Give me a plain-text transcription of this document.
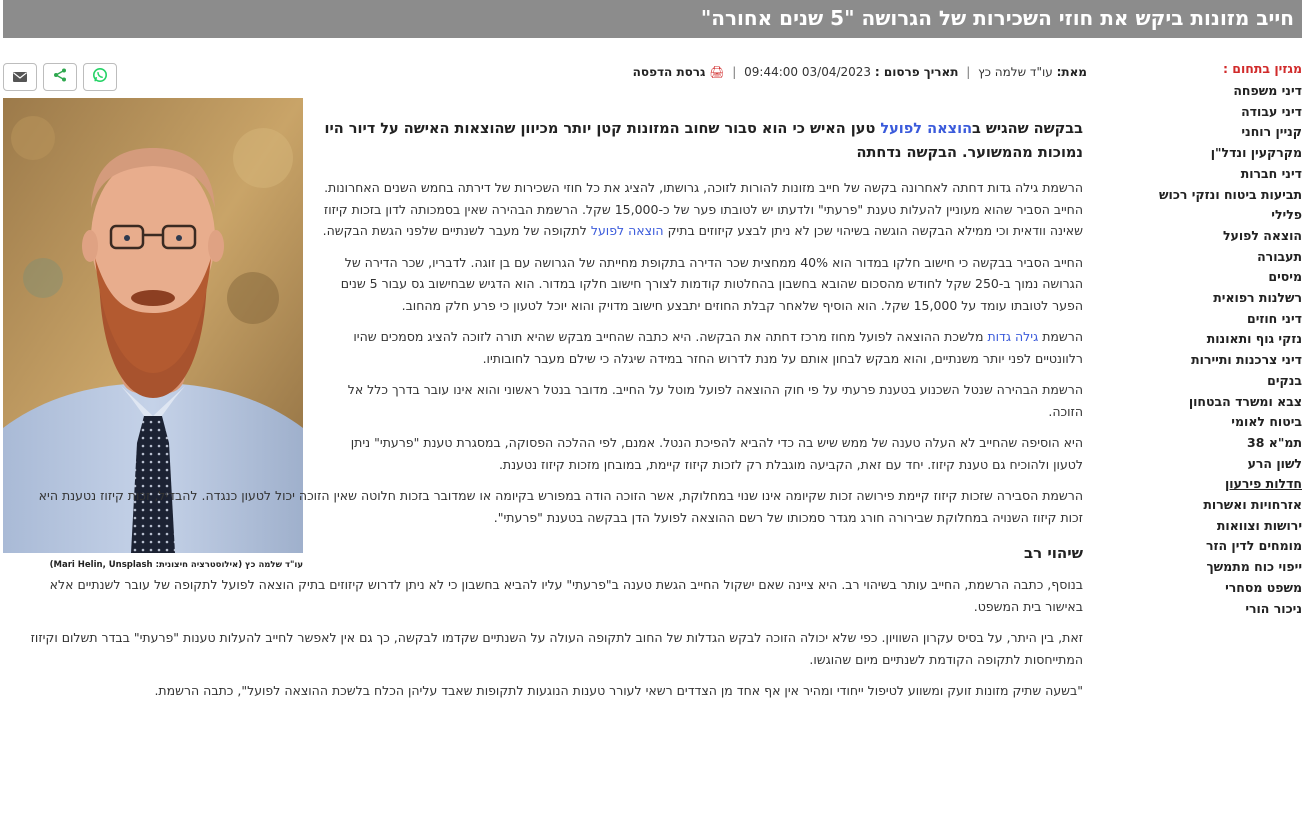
חייב מזונות ביקש את חוזי השכירות של הגרושה "5 שנים אחורה"
מאת: עו"ד שלמה כץ | תאריך פרסום : 03/04/2023 09:44:00 | 🖨 גרסת הדפסה
עו"ד שלמה כץ (אילוסטרציה חיצונית: Mari Helin, Unsplash)
מגזין בתחום :
דיני משפחה
דיני עבודה
קניין רוחני
מקרקעין ונדל"ן
דיני חברות
תביעות ביטוח ונזקי רכוש
פלילי
הוצאה לפועל
תעבורה
מיסים
רשלנות רפואית
דיני חוזים
נזקי גוף ותאונות
דיני צרכנות ותיירות
בנקים
צבא ומשרד הבטחון
ביטוח לאומי
תמ"א 38
לשון הרע
חדלות פירעון
אזרחויות ואשרות
ירושות וצוואות
מומחים לדין הזר
ייפוי כוח מתמשך
משפט מסחרי
ניכור הורי

בבקשה שהגיש בהוצאה לפועל טען האיש כי הוא סבור שחוב המזונות קטן יותר מכיוון שהוצאות האישה על דיור היו נמוכות מהמשוער. הבקשה נדחתה

הרשמת גילה גדות דחתה לאחרונה בקשה של חייב מזונות להורות לזוכה, גרושתו, להציג את כל חוזי השכירות של דירתה בחמש השנים האחרונות. החייב הסביר שהוא מעוניין להעלות טענת "פרעתי" ולדעתו יש לטובתו פער של כ-15,000 שקל. הרשמת הבהירה שאין בסמכותה לדון בזכות קיזוז שאינה וודאית וכי ממילא הבקשה הוגשה בשיהוי שכן לא ניתן לבצע קיזוזים בתיק הוצאה לפועל לתקופה של מעבר לשנתיים שלפני הגשת הבקשה.

החייב הסביר בבקשה כי חישוב חלקו במדור הוא 40% ממחצית שכר הדירה בתקופת מחייתה של הגרושה עם בן זוגה. לדבריו, שכר הדירה של הגרושה נמוך ב-250 שקל לחודש מהסכום שהובא בחשבון בהחלטות קודמות לצורך חישוב חלקו במדור. הוא הדגיש שבחישוב גס עבור 5 שנים הפער לטובתו עומד על 15,000 שקל. הוא הוסיף שלאחר קבלת החוזים יתבצע חישוב מדויק והוא יוכל לטעון כי פרע חלק מהחוב.

הרשמת גילה גדות מלשכת ההוצאה לפועל מחוז מרכז דחתה את הבקשה. היא כתבה שהחייב מבקש שהיא תורה לזוכה להציג מסמכים שהיו רלוונטיים לפני יותר משנתיים, והוא מבקש לבחון אותם על מנת לדרוש החזר במידה שיגלה כי שילם מעבר לחובותיו.

הרשמת הבהירה שנטל השכנוע בטענת פרעתי על פי חוק ההוצאה לפועל מוטל על החייב. מדובר בנטל ראשוני והוא אינו עובר בדרך כלל אל הזוכה.

היא הוסיפה שהחייב לא העלה טענה של ממש שיש בה כדי להביא להפיכת הנטל. אמנם, לפי ההלכה הפסוקה, במסגרת טענת "פרעתי" ניתן לטעון ולהוכיח גם טענת קיזוז. יחד עם זאת, הקביעה מוגבלת רק לזכות קיזוז קיימת, במובחן מזכות קיזוז נטענת.

הרשמת הסבירה שזכות קיזוז קיימת פירושה זכות שקיומה אינו שנוי במחלוקת, אשר הזוכה הודה במפורש בקיומה או שמדובר בזכות חלוטה שאין הזוכה יכול לטעון כנגדה. להבדיל, זכות קיזוז נטענת היא זכות קיזוז השנויה במחלוקת שבירורה חורג מגדר סמכותו של רשם ההוצאה לפועל הדן בבקשה בטענת "פרעתי".

שיהוי רב

בנוסף, כתבה הרשמת, החייב עותר בשיהוי רב. היא ציינה שאם ישקול החייב הגשת טענה ב"פרעתי" עליו להביא בחשבון כי לא ניתן לדרוש קיזוזים בתיק הוצאה לפועל לתקופה של עובר לשנתיים אלא באישור בית המשפט.

זאת, בין היתר, על בסיס עקרון השוויון. כפי שלא יכולה הזוכה לבקש הגדלות של החוב לתקופה העולה על השנתיים שקדמו לבקשה, כך גם אין לאפשר לחייב להעלות טענות "פרעתי" בבדר תשלום וקיזוז המתייחסות לתקופה הקודמת לשנתיים מיום שהוגשו.

"בשעה שתיק מזונות זועק ומשווע לטיפול ייחודי ומהיר אין אף אחד מן הצדדים רשאי לעורר טענות הנוגעות לתקופות שאבד עליהן הכלח בלשכת ההוצאה לפועל", כתבה הרשמת.
